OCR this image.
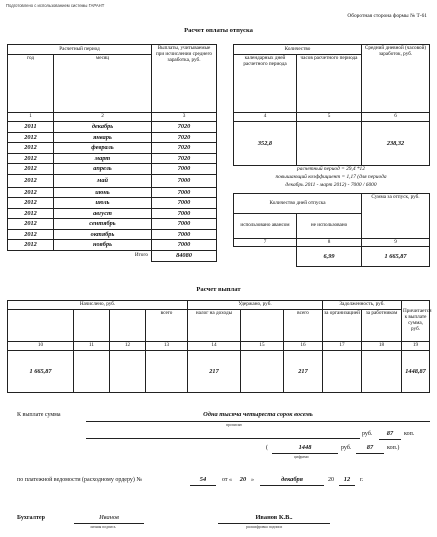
Подготовлено с использованием системы ГАРАНТ
Оборотная сторона формы № Т-61
Расчет оплаты отпуска
Расчетный период		Выплаты, учитываемые при исчислении среднего заработка, руб.
год	месяц	
1	2	3
2011	декабрь	7020
2012	январь	7020
2012	февраль	7020
2012	март	7020
2012	апрель	7000
2012	май	7000
2012	июнь	7000
2012	июль	7000
2012	август	7000
2012	сентябрь	7000
2012	октябрь	7000
2012	ноябрь	7000
	Итого	84080
Количество		Средний дневной (часовой) заработок, руб.
календарных дней расчетного периода	часов расчетного периода	
4	5	6
352,8		238,32
расчетный период = 29,4 *12
повышающий коэффициент = 1,17 (для периода
декабрь 2011 - март 2012) - 7000 / 6000
Количество дней отпуска		Сумма за отпуск, руб.
использовано авансом	не использовано	
7	8	9
	6,99	1 665,87
Расчет выплат
Начислено, руб.				Удержано, руб.			Задолженность, руб.		Причитается к выплате сумма, руб.
			всего	налог на доходы		всего	за организацией	за работником	
10	11	12	13	14	15	16	17	18	19
1 665,87				217		217			1448,87
К выплате сумма	Одна тысяча четыреста сорок восемь
прописью
руб.	87	коп.
(	1448	руб.	87	коп.)
цифрами
по платежной ведомости (расходному ордеру) №	54	от «	20 »	декабря	20	12	г.
Бухгалтер	Иванов
личная подпись
Иванов К.В..
расшифровка подписи
